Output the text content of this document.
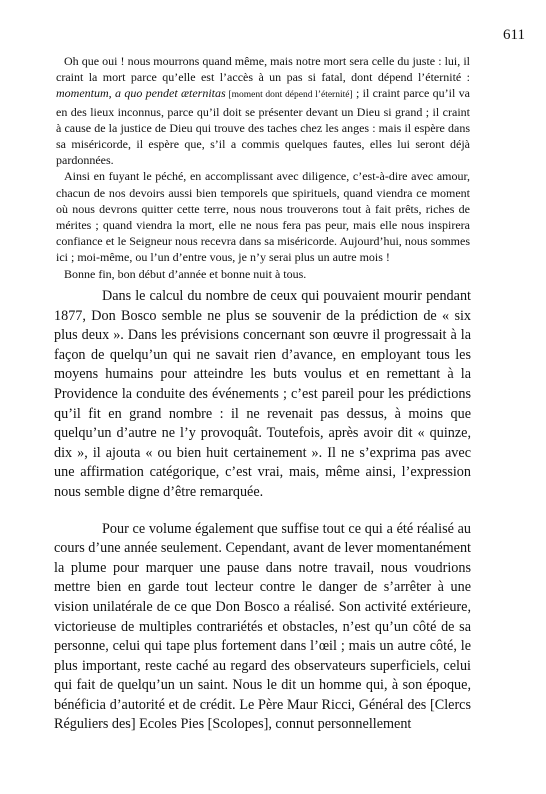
611

Oh que oui ! nous mourrons quand même, mais notre mort sera celle du juste : lui, il craint la mort parce qu’elle est l’accès à un pas si fatal, dont dépend l’éternité : momentum, a quo pendet æternitas [moment dont dépend l’éternité] ; il craint parce qu’il va en des lieux inconnus, parce qu’il doit se présenter devant un Dieu si grand ; il craint à cause de la justice de Dieu qui trouve des taches chez les anges : mais il espère dans sa miséricorde, il espère que, s’il a commis quelques fautes, elles lui seront déjà pardonnées.

Ainsi en fuyant le péché, en accomplissant avec diligence, c’est-à-dire avec amour, chacun de nos devoirs aussi bien temporels que spirituels, quand viendra ce moment où nous devrons quitter cette terre, nous nous trouverons tout à fait prêts, riches de mérites ; quand viendra la mort, elle ne nous fera pas peur, mais elle nous inspirera confiance et le Seigneur nous recevra dans sa miséricorde. Aujourd’hui, nous sommes ici ; moi-même, ou l’un d’entre vous, je n’y serai plus un autre mois !

Bonne fin, bon début d’année et bonne nuit à tous.

Dans le calcul du nombre de ceux qui pouvaient mourir pendant 1877, Don Bosco semble ne plus se souvenir de la prédiction de « six plus deux ». Dans les prévisions concernant son œuvre il progressait à la façon de quelqu’un qui ne savait rien d’avance, en employant tous les moyens humains pour atteindre les buts voulus et en remettant à la Providence la conduite des événements ; c’est pareil pour les prédictions qu’il fit en grand nombre : il ne revenait pas dessus, à moins que quelqu’un d’autre ne l’y provoquât. Toutefois, après avoir dit « quinze, dix », il ajouta « ou bien huit certainement ». Il ne s’exprima pas avec une affirmation catégorique, c’est vrai, mais, même ainsi, l’expression nous semble digne d’être remarquée.

Pour ce volume également que suffise tout ce qui a été réalisé au cours d’une année seulement. Cependant, avant de lever momentanément la plume pour marquer une pause dans notre travail, nous voudrions mettre bien en garde tout lecteur contre le danger de s’arrêter à une vision unilatérale de ce que Don Bosco a réalisé. Son activité extérieure, victorieuse de multiples contrariétés et obstacles, n’est qu’un côté de sa personne, celui qui tape plus fortement dans l’œil ; mais un autre côté, le plus important, reste caché au regard des observateurs superficiels, celui qui fait de quelqu’un un saint. Nous le dit un homme qui, à son époque, bénéficia d’autorité et de crédit. Le Père Maur Ricci, Général des [Clercs Réguliers des] Ecoles Pies [Scolopes], connut personnellement
